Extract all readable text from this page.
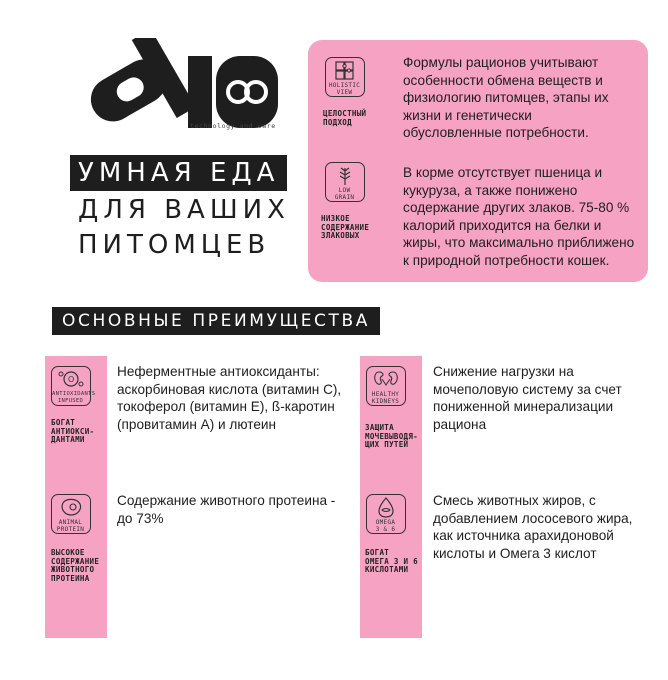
technology and care
УМНАЯ ЕДА
ДЛЯ ВАШИХ
ПИТОМЦЕВ
HOLISTIC
VIEW
ЦЕЛОСТНЫЙ
ПОДХОД
Формулы рационов учитывают особенности обмена веществ и физиологию питомцев, этапы их жизни и генетически обусловленные потребности.
LOW
GRAIN
НИЗКОЕ
СОДЕРЖАНИЕ
ЗЛАКОВЫХ
В корме отсутствует пшеница и кукуруза, а также понижено содержание других злаков. 75-80 % калорий приходится на белки и жиры, что максимально приближено к природной потребности кошек.
ОСНОВНЫЕ ПРЕИМУЩЕСТВА
O
ANTIOXIDANTS
INFUSED
БОГАТ
АНТИОКСИ-
ДАНТАМИ
Неферментные антиоксиданты: аскорбиновая кислота (витамин С), токоферол (витамин Е), ß-каротин (провитамин А) и лютеин
HEALTHY
KIDNEYS
ЗАЩИТА
МОЧЕВЫВОДЯ-
ЩИХ ПУТЕЙ
Снижение нагрузки на мочеполовую систему за счет пониженной минерализации рациона
ANIMAL
PROTEIN
ВЫСОКОЕ
СОДЕРЖАНИЕ
ЖИВОТНОГО
ПРОТЕИНА
Содержание животного протеина - до 73%	OMEGA
3 & 6
БОГАТ
ОМЕГА 3 И 6
КИСЛОТАМИ
Смесь животных жиров, с добавлением лососевого жира, как источника арахидоновой кислоты и Омега 3 кислот
